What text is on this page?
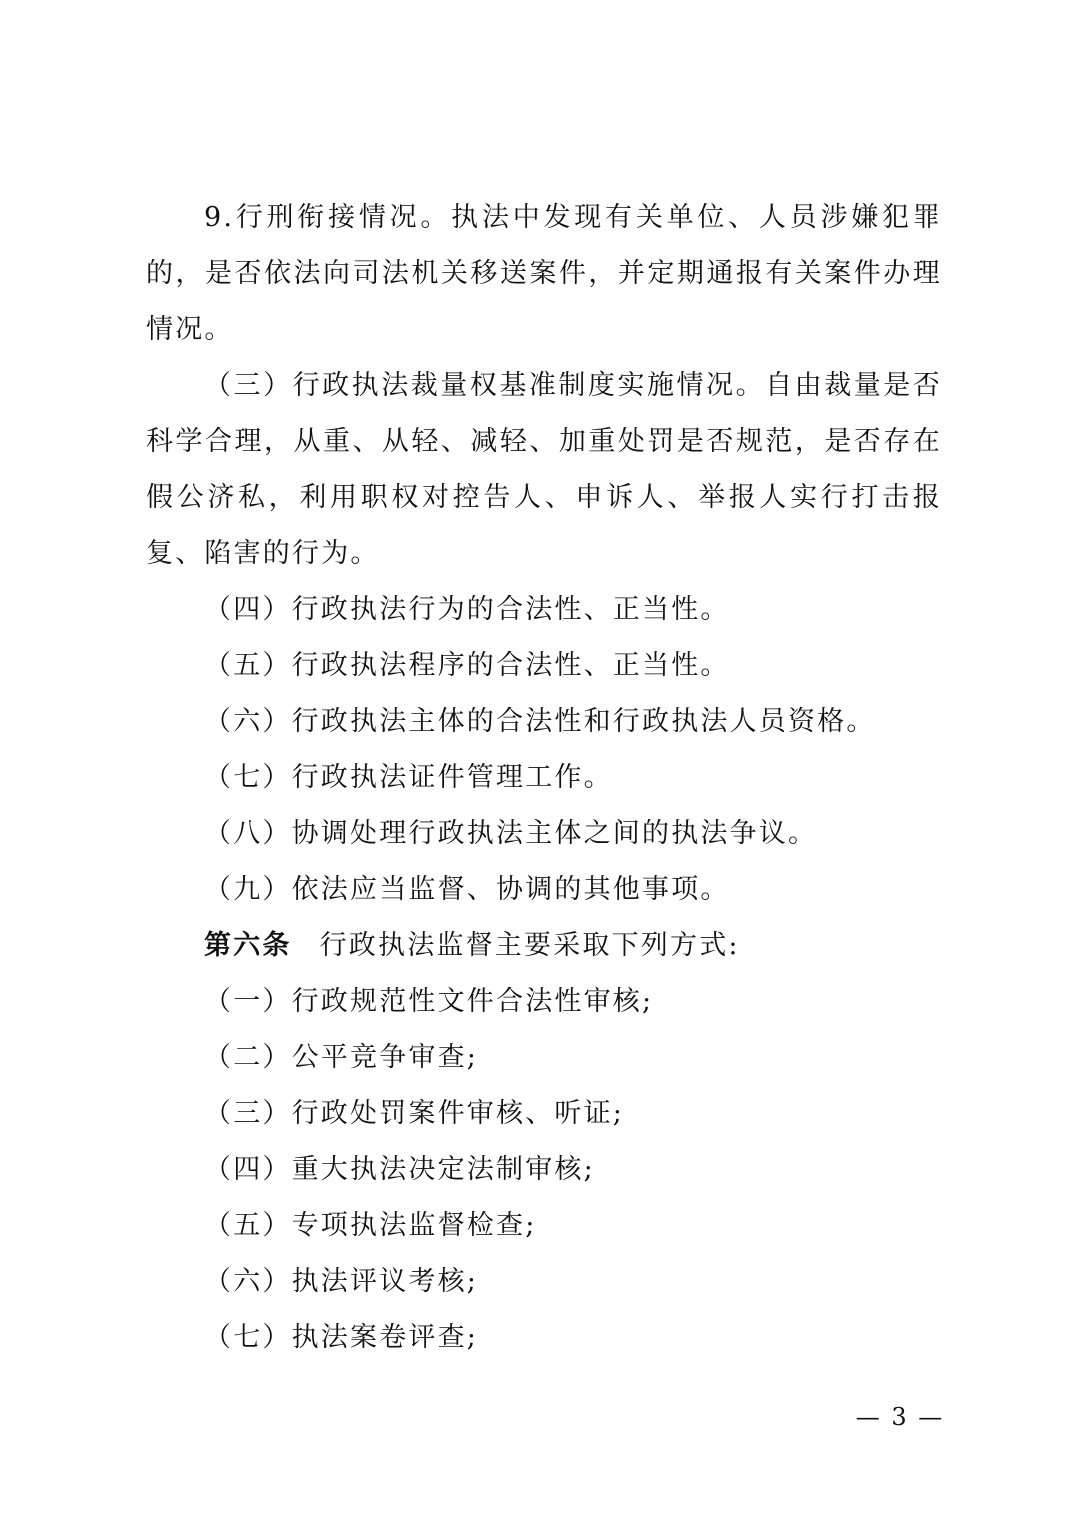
9.行刑衔接情况。执法中发现有关单位、人员涉嫌犯罪的，是否依法向司法机关移送案件，并定期通报有关案件办理情况。

（三）行政执法裁量权基准制度实施情况。自由裁量是否科学合理，从重、从轻、减轻、加重处罚是否规范，是否存在假公济私，利用职权对控告人、申诉人、举报人实行打击报复、陷害的行为。

（四）行政执法行为的合法性、正当性。

（五）行政执法程序的合法性、正当性。

（六）行政执法主体的合法性和行政执法人员资格。

（七）行政执法证件管理工作。

（八）协调处理行政执法主体之间的执法争议。

（九）依法应当监督、协调的其他事项。

第六条 行政执法监督主要采取下列方式:

（一）行政规范性文件合法性审核;

（二）公平竞争审查;

（三）行政处罚案件审核、听证;

（四）重大执法决定法制审核;

（五）专项执法监督检查;

（六）执法评议考核;

（七）执法案卷评查;

— 3 —
